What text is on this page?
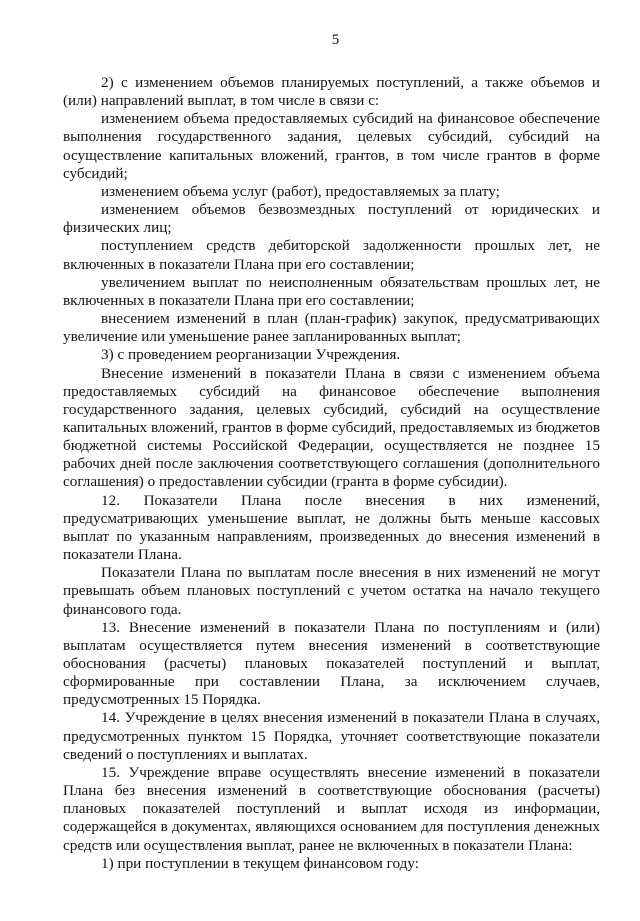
5

2) с изменением объемов планируемых поступлений, а также объемов и (или) направлений выплат, в том числе в связи с:

изменением объема предоставляемых субсидий на финансовое обеспечение выполнения государственного задания, целевых субсидий, субсидий на осуществление капитальных вложений, грантов, в том числе грантов в форме субсидий;

изменением объема услуг (работ), предоставляемых за плату;

изменением объемов безвозмездных поступлений от юридических и физических лиц;

поступлением средств дебиторской задолженности прошлых лет, не включенных в показатели Плана при его составлении;

увеличением выплат по неисполненным обязательствам прошлых лет, не включенных в показатели Плана при его составлении;

внесением изменений в план (план-график) закупок, предусматривающих увеличение или уменьшение ранее запланированных выплат;

3) с проведением реорганизации Учреждения.

Внесение изменений в показатели Плана в связи с изменением объема предоставляемых субсидий на финансовое обеспечение выполнения государственного задания, целевых субсидий, субсидий на осуществление капитальных вложений, грантов в форме субсидий, предоставляемых из бюджетов бюджетной системы Российской Федерации, осуществляется не позднее 15 рабочих дней после заключения соответствующего соглашения (дополнительного соглашения) о предоставлении субсидии (гранта в форме субсидии).

12. Показатели Плана после внесения в них изменений, предусматривающих уменьшение выплат, не должны быть меньше кассовых выплат по указанным направлениям, произведенных до внесения изменений в показатели Плана.

Показатели Плана по выплатам после внесения в них изменений не могут превышать объем плановых поступлений с учетом остатка на начало текущего финансового года.

13. Внесение изменений в показатели Плана по поступлениям и (или) выплатам осуществляется путем внесения изменений в соответствующие обоснования (расчеты) плановых показателей поступлений и выплат, сформированные при составлении Плана, за исключением случаев, предусмотренных 15 Порядка.

14. Учреждение в целях внесения изменений в показатели Плана в случаях, предусмотренных пунктом 15 Порядка, уточняет соответствующие показатели сведений о поступлениях и выплатах.

15. Учреждение вправе осуществлять внесение изменений в показатели Плана без внесения изменений в соответствующие обоснования (расчеты) плановых показателей поступлений и выплат исходя из информации, содержащейся в документах, являющихся основанием для поступления денежных средств или осуществления выплат, ранее не включенных в показатели Плана:

1) при поступлении в текущем финансовом году:
